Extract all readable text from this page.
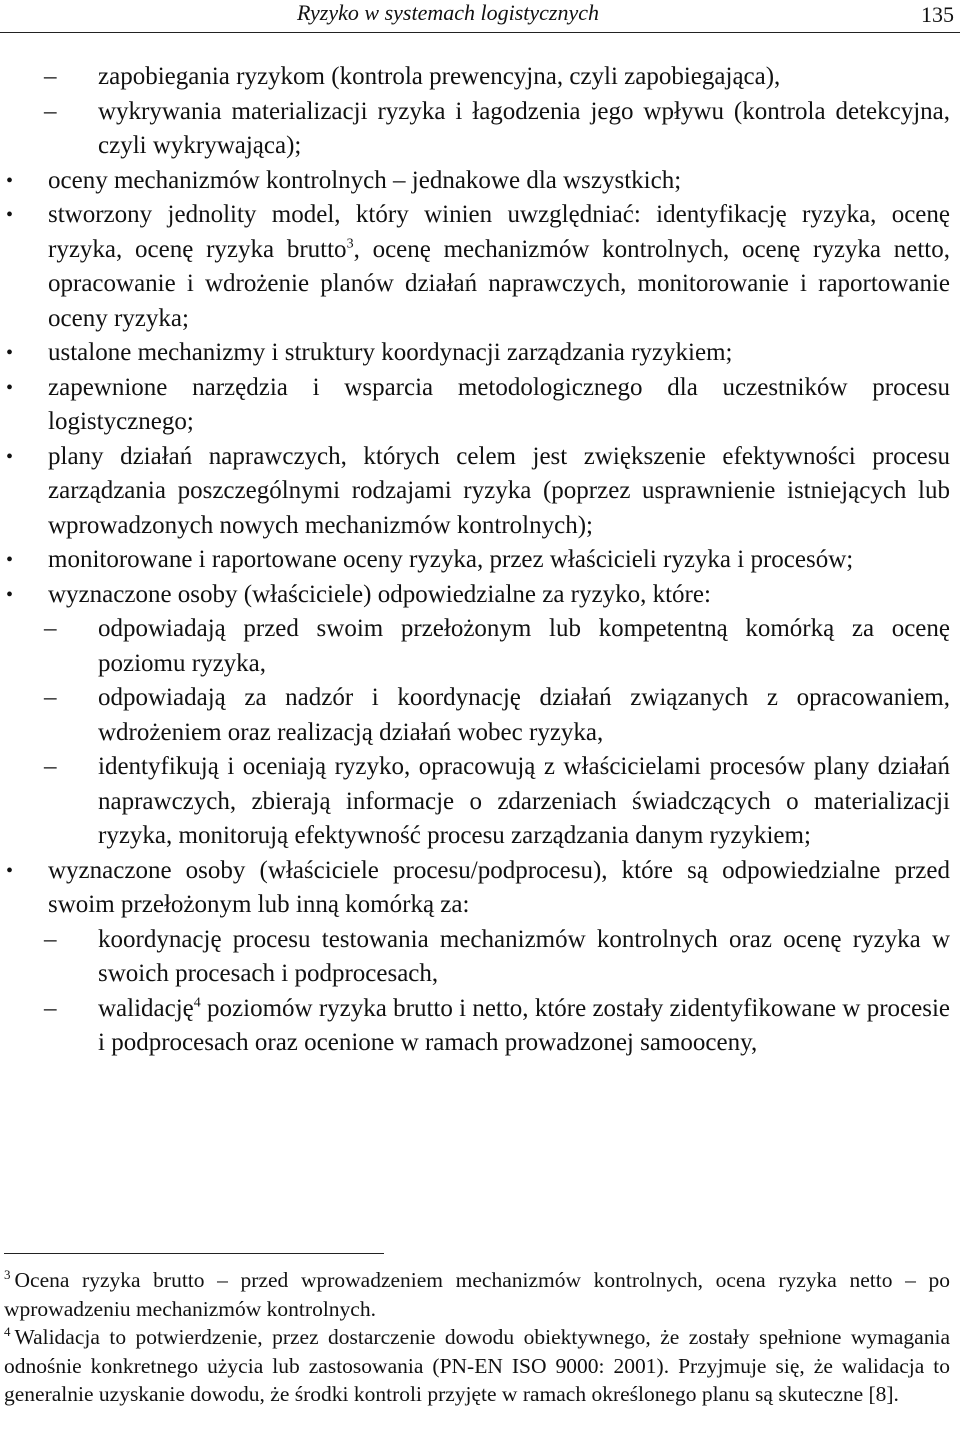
Ryzyko w systemach logistycznych	135

– zapobiegania ryzykom (kontrola prewencyjna, czyli zapobiegająca),

– wykrywania materializacji ryzyka i łagodzenia jego wpływu (kontrola detekcyjna, czyli wykrywająca);

• oceny mechanizmów kontrolnych – jednakowe dla wszystkich;

• stworzony jednolity model, który winien uwzględniać: identyfikację ryzyka, ocenę ryzyka, ocenę ryzyka brutto$^3$, ocenę mechanizmów kontrolnych, ocenę ryzyka netto, opracowanie i wdrożenie planów działań naprawczych, monitorowanie i raportowanie oceny ryzyka;

• ustalone mechanizmy i struktury koordynacji zarządzania ryzykiem;

• zapewnione narzędzia i wsparcia metodologicznego dla uczestników procesu logistycznego;

• plany działań naprawczych, których celem jest zwiększenie efektywności procesu zarządzania poszczególnymi rodzajami ryzyka (poprzez usprawnienie istniejących lub wprowadzonych nowych mechanizmów kontrolnych);

• monitorowane i raportowane oceny ryzyka, przez właścicieli ryzyka i procesów;

• wyznaczone osoby (właściciele) odpowiedzialne za ryzyko, które:

– odpowiadają przed swoim przełożonym lub kompetentną komórką za ocenę poziomu ryzyka,

– odpowiadają za nadzór i koordynację działań związanych z opracowaniem, wdrożeniem oraz realizacją działań wobec ryzyka,

– identyfikują i oceniają ryzyko, opracowują z właścicielami procesów plany działań naprawczych, zbierają informacje o zdarzeniach świadczących o materializacji ryzyka, monitorują efektywność procesu zarządzania danym ryzykiem;

• wyznaczone osoby (właściciele procesu/podprocesu), które są odpowiedzialne przed swoim przełożonym lub inną komórką za:

– koordynację procesu testowania mechanizmów kontrolnych oraz ocenę ryzyka w swoich procesach i podprocesach,

– walidację$^4$ poziomów ryzyka brutto i netto, które zostały zidentyfikowane w procesie i podprocesach oraz ocenione w ramach prowadzonej samooceny,

$^3$ Ocena ryzyka brutto – przed wprowadzeniem mechanizmów kontrolnych, ocena ryzyka netto – po wprowadzeniu mechanizmów kontrolnych.

$^4$ Walidacja to potwierdzenie, przez dostarczenie dowodu obiektywnego, że zostały spełnione wymagania odnośnie konkretnego użycia lub zastosowania (PN-EN ISO 9000: 2001). Przyjmuje się, że walidacja to generalnie uzyskanie dowodu, że środki kontroli przyjęte w ramach określonego planu są skuteczne [8].
